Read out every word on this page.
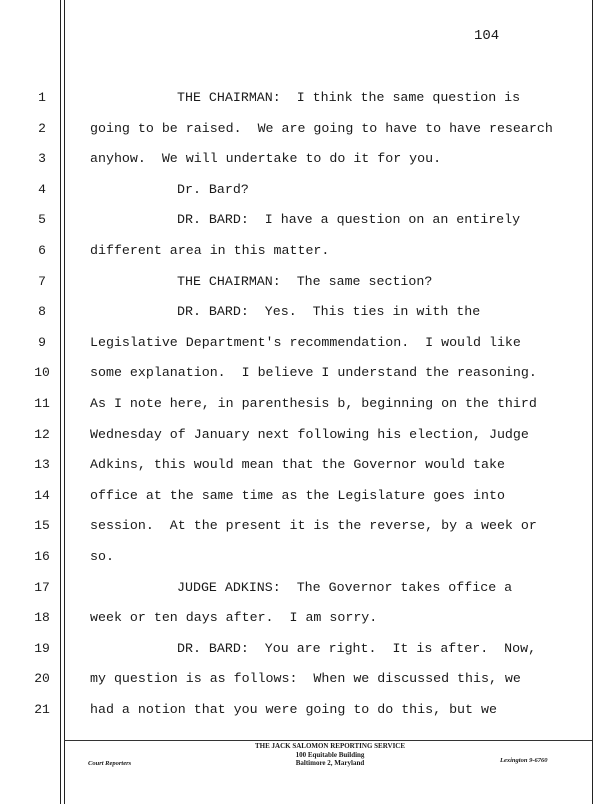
104
1	THE CHAIRMAN:  I think the same question is
2	going to be raised.  We are going to have to have research
3	anyhow.  We will undertake to do it for you.
4	Dr. Bard?
5	DR. BARD:  I have a question on an entirely
6	different area in this matter.
7	THE CHAIRMAN:  The same section?
8	DR. BARD:  Yes.  This ties in with the
9	Legislative Department's recommendation.  I would like
10	some explanation.  I believe I understand the reasoning.
11	As I note here, in parenthesis b, beginning on the third
12	Wednesday of January next following his election, Judge
13	Adkins, this would mean that the Governor would take
14	office at the same time as the Legislature goes into
15	session.  At the present it is the reverse, by a week or
16	so.
17	JUDGE ADKINS:  The Governor takes office a
18	week or ten days after.  I am sorry.
19	DR. BARD:  You are right.  It is after.  Now,
20	my question is as follows:  When we discussed this, we
21	had a notion that you were going to do this, but we
THE JACK SALOMON REPORTING SERVICE
100 Equitable Building
Baltimore 2, Maryland
Court Reporters	Lexington 9-6760
